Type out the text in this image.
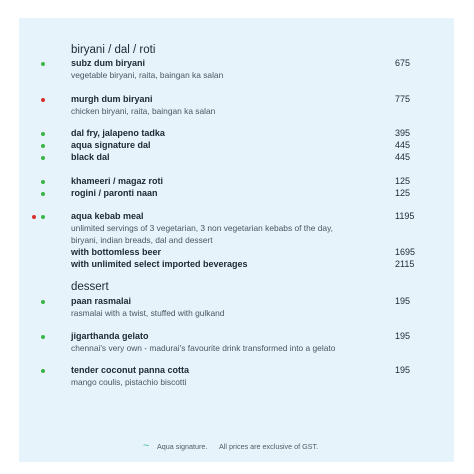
biryani / dal / roti
subz dum biryani	675
vegetable biryani, raita, baingan ka salan
murgh dum biryani	775
chicken biryani, raita, baingan ka salan
dal fry, jalapeno tadka	395
aqua signature dal	445
black dal	445
khameeri / magaz roti	125
rogini / paronti naan	125
aqua kebab meal	1195
unlimited servings of 3 vegetarian, 3 non vegetarian kebabs of the day,
biryani, indian breads, dal and dessert
with bottomless beer	1695
with unlimited select imported beverages	2115
dessert
paan rasmalai	195
rasmalai with a twist, stuffed with gulkand
jigarthanda gelato	195
chennai's very own - madurai's favourite drink transformed into a gelato
tender coconut panna cotta	195
mango coulis, pistachio biscotti
~ Aqua signature. All prices are exclusive of GST.
